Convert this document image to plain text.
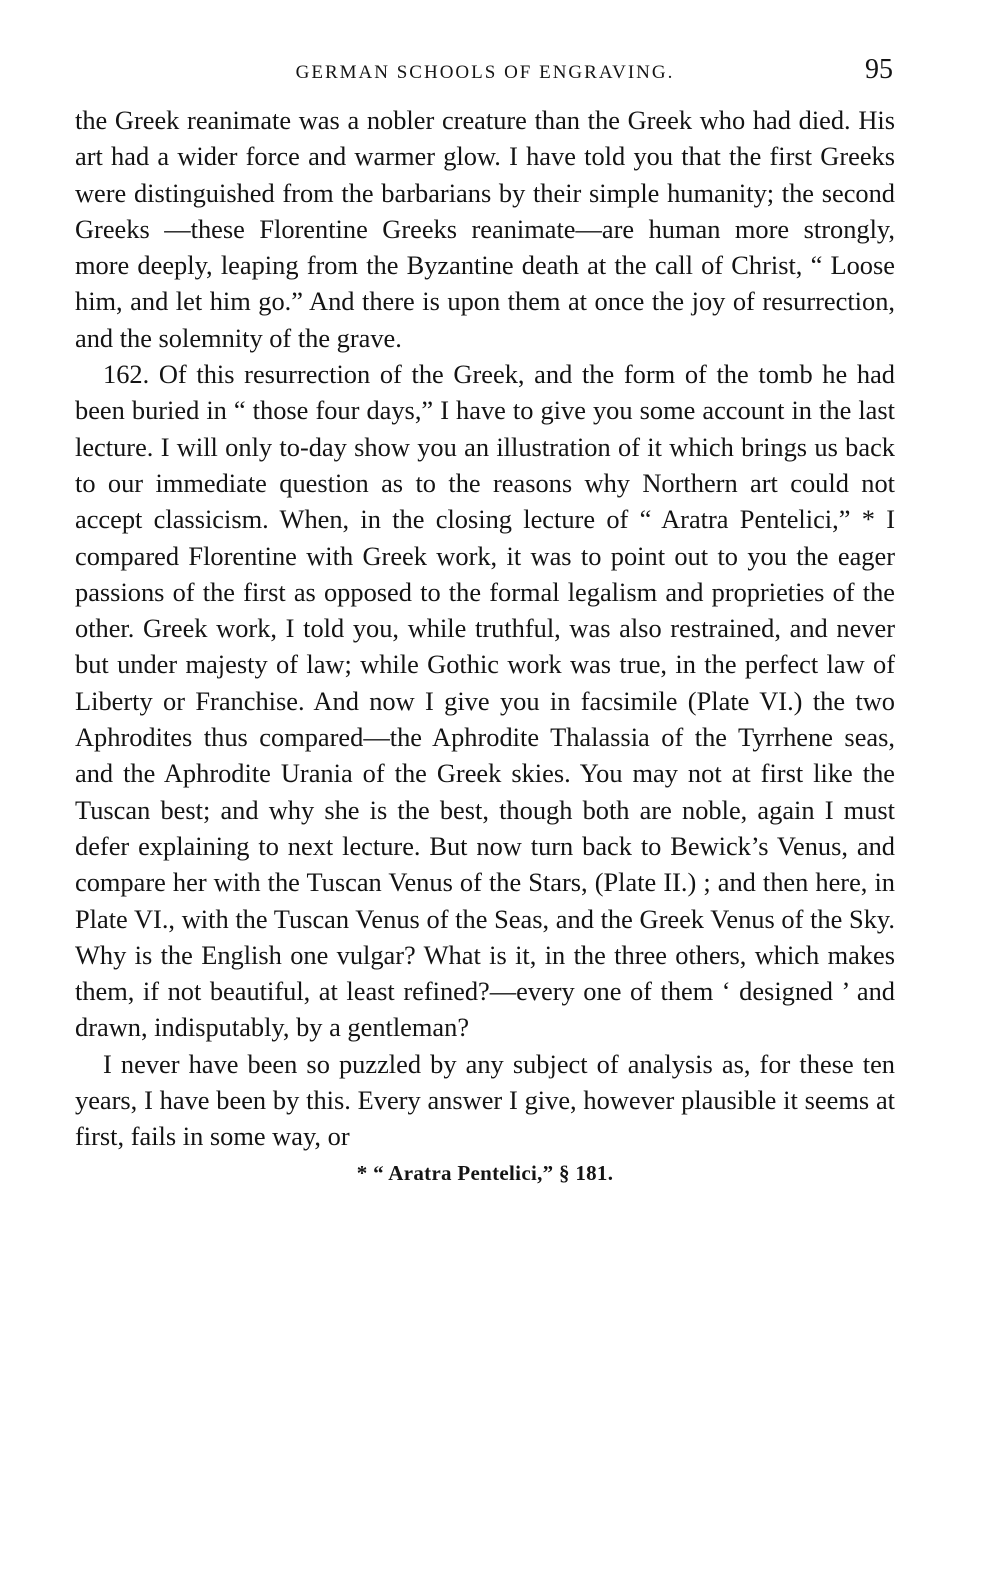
GERMAN SCHOOLS OF ENGRAVING.	95

the Greek reanimate was a nobler creature than the Greek who had died. His art had a wider force and warmer glow. I have told you that the first Greeks were distinguished from the barbarians by their simple humanity; the second Greeks —these Florentine Greeks reanimate—are human more strongly, more deeply, leaping from the Byzantine death at the call of Christ, “ Loose him, and let him go.” And there is upon them at once the joy of resurrection, and the solemnity of the grave.

162. Of this resurrection of the Greek, and the form of the tomb he had been buried in “ those four days,” I have to give you some account in the last lecture. I will only to-day show you an illustration of it which brings us back to our immediate question as to the reasons why Northern art could not accept classicism. When, in the closing lecture of “ Aratra Pentelici,” * I compared Florentine with Greek work, it was to point out to you the eager passions of the first as opposed to the formal legalism and proprieties of the other. Greek work, I told you, while truthful, was also restrained, and never but under majesty of law; while Gothic work was true, in the perfect law of Liberty or Franchise. And now I give you in facsimile (Plate VI.) the two Aphrodites thus compared—the Aphrodite Thalassia of the Tyrrhene seas, and the Aphrodite Urania of the Greek skies. You may not at first like the Tuscan best; and why she is the best, though both are noble, again I must defer explaining to next lecture. But now turn back to Bewick’s Venus, and compare her with the Tuscan Venus of the Stars, (Plate II.) ; and then here, in Plate VI., with the Tuscan Venus of the Seas, and the Greek Venus of the Sky. Why is the English one vulgar? What is it, in the three others, which makes them, if not beautiful, at least refined?—every one of them ‘ designed ’ and drawn, indisputably, by a gentleman?

I never have been so puzzled by any subject of analysis as, for these ten years, I have been by this. Every answer I give, however plausible it seems at first, fails in some way, or

* “ Aratra Pentelici,” § 181.
